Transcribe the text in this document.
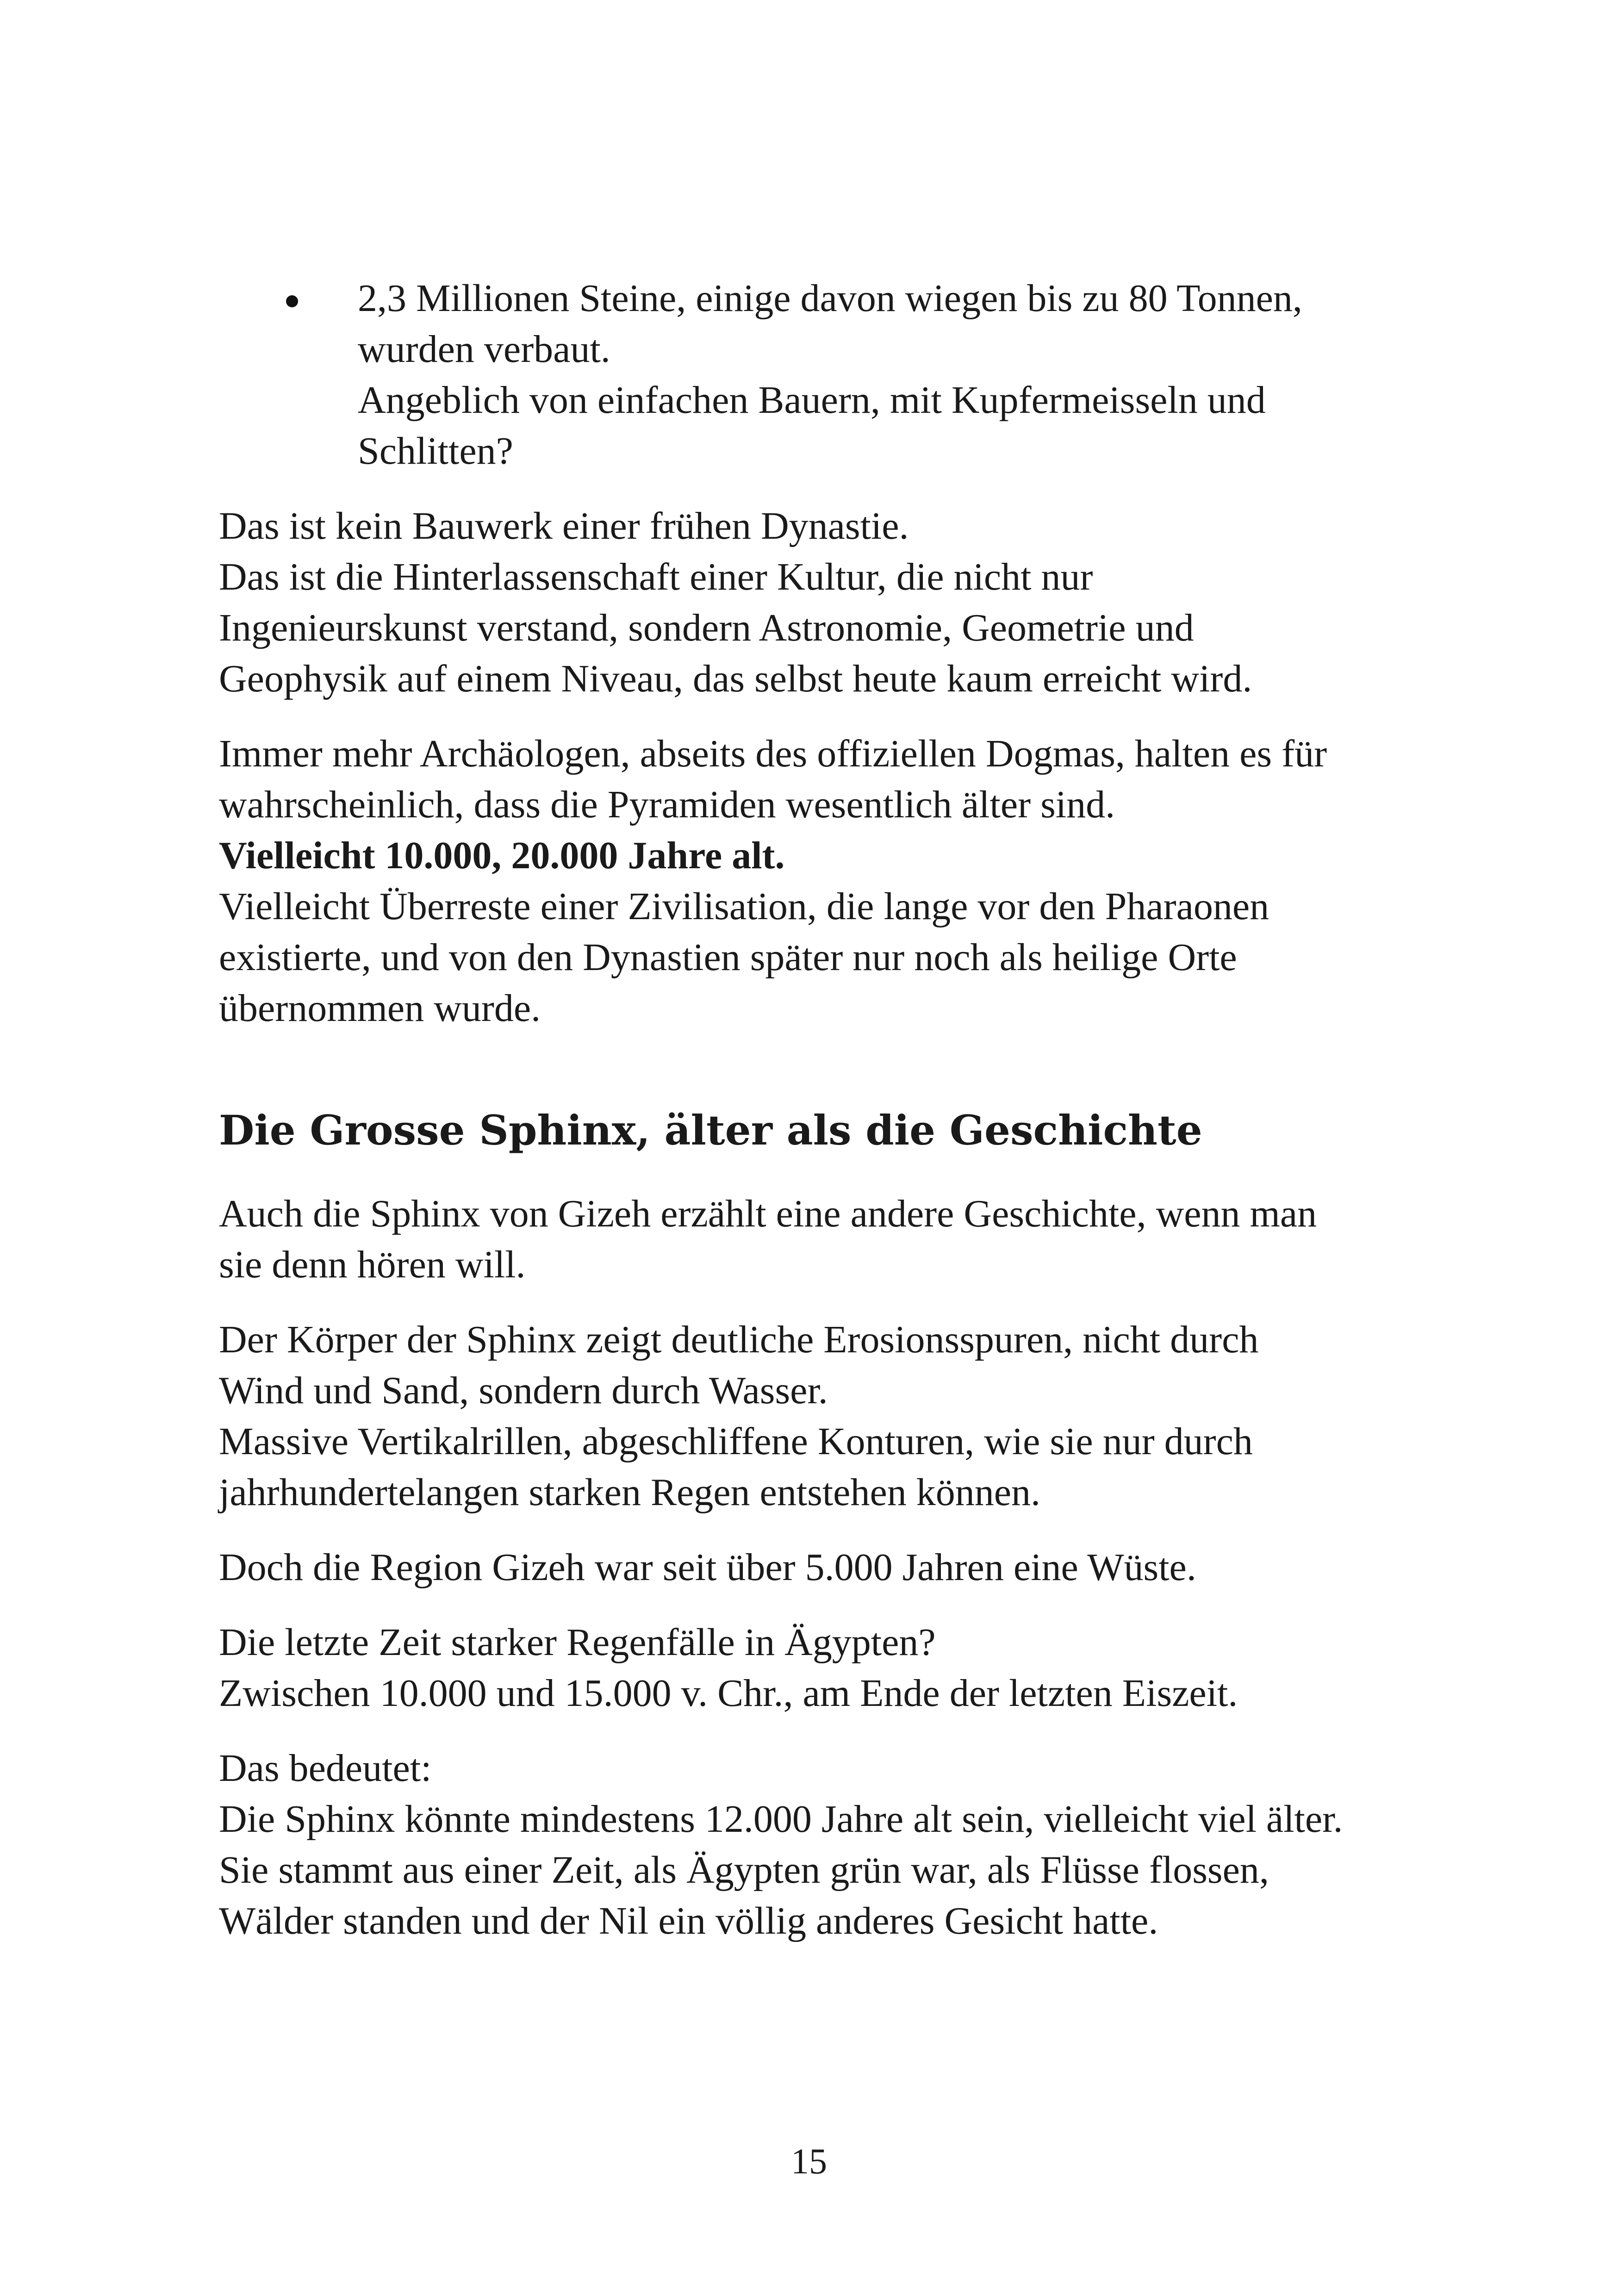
2,3 Millionen Steine, einige davon wiegen bis zu 80 Tonnen,
wurden verbaut.
Angeblich von einfachen Bauern, mit Kupfermeisseln und
Schlitten?
Das ist kein Bauwerk einer frühen Dynastie.
Das ist die Hinterlassenschaft einer Kultur, die nicht nur
Ingenieurskunst verstand, sondern Astronomie, Geometrie und
Geophysik auf einem Niveau, das selbst heute kaum erreicht wird.
Immer mehr Archäologen, abseits des offiziellen Dogmas, halten es für
wahrscheinlich, dass die Pyramiden wesentlich älter sind.
Vielleicht 10.000, 20.000 Jahre alt.
Vielleicht Überreste einer Zivilisation, die lange vor den Pharaonen
existierte, und von den Dynastien später nur noch als heilige Orte
übernommen wurde.
Die Grosse Sphinx, älter als die Geschichte
Auch die Sphinx von Gizeh erzählt eine andere Geschichte, wenn man
sie denn hören will.
Der Körper der Sphinx zeigt deutliche Erosionsspuren, nicht durch
Wind und Sand, sondern durch Wasser.
Massive Vertikalrillen, abgeschliffene Konturen, wie sie nur durch
jahrhundertelangen starken Regen entstehen können.
Doch die Region Gizeh war seit über 5.000 Jahren eine Wüste.
Die letzte Zeit starker Regenfälle in Ägypten?
Zwischen 10.000 und 15.000 v. Chr., am Ende der letzten Eiszeit.
Das bedeutet:
Die Sphinx könnte mindestens 12.000 Jahre alt sein, vielleicht viel älter.
Sie stammt aus einer Zeit, als Ägypten grün war, als Flüsse flossen,
Wälder standen und der Nil ein völlig anderes Gesicht hatte.
15
